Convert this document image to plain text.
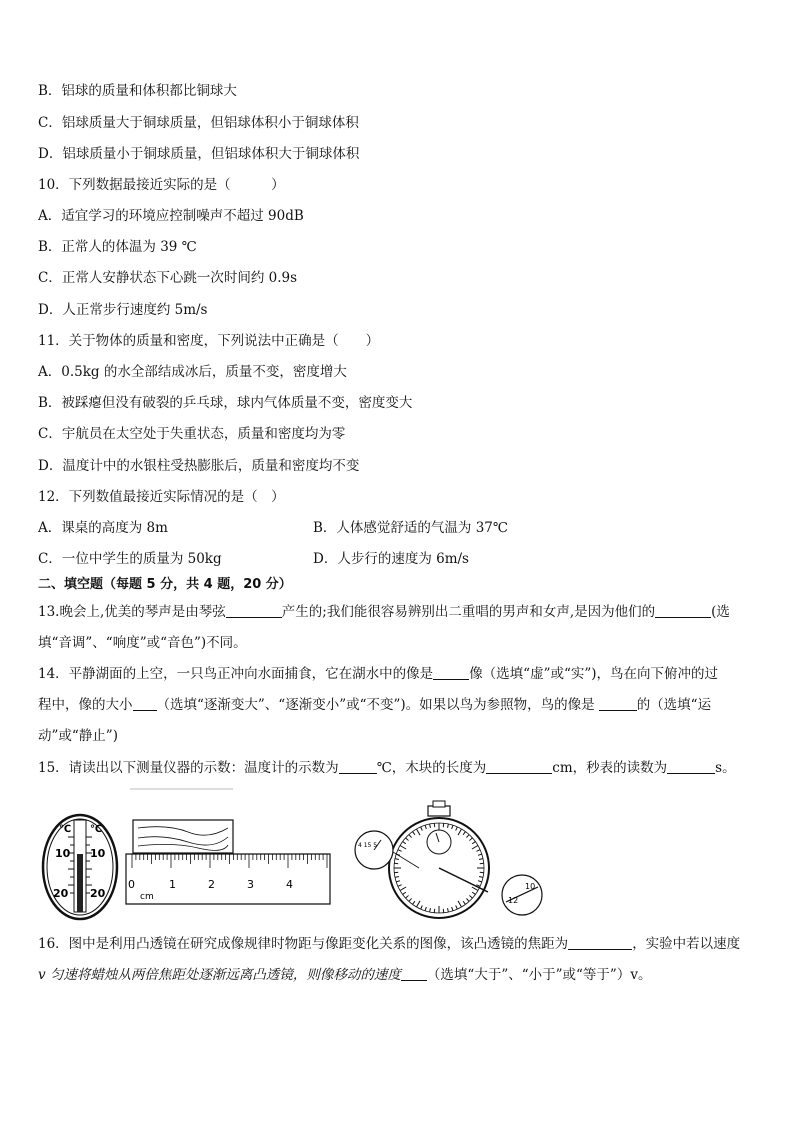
B．铝球的质量和体积都比铜球大
C．铝球质量大于铜球质量，但铝球体积小于铜球体积
D．铝球质量小于铜球质量，但铝球体积大于铜球体积
10．下列数据最接近实际的是（　　　）
A．适宜学习的环境应控制噪声不超过 90dB
B．正常人的体温为 39 ℃
C．正常人安静状态下心跳一次时间约 0.9s
D．人正常步行速度约 5m/s
11．关于物体的质量和密度，下列说法中正确是（　　）
A．0.5kg 的水全部结成冰后，质量不变，密度增大
B．被踩瘪但没有破裂的乒乓球，球内气体质量不变，密度变大
C．宇航员在太空处于失重状态，质量和密度均为零
D．温度计中的水银柱受热膨胀后，质量和密度均不变
12．下列数值最接近实际情况的是（　）
A．课桌的高度为 8m	B．人体感觉舒适的气温为 37℃
C．一位中学生的质量为 50kg	D．人步行的速度为 6m/s
二、填空题（每题 5 分，共 4 题，20 分）
13.晚会上,优美的琴声是由琴弦	产生的;我们能很容易辨别出二重唱的男声和女声,是因为他们的	(选
填“音调”、“响度”或“音色”)不同。
14．平静湖面的上空，一只鸟正冲向水面捕食，它在湖水中的像是	像（选填“虚”或“实”)，鸟在向下俯冲的过
程中，像的大小 （选填“逐渐变大”、“逐渐变小”或“不变”)。如果以鸟为参照物，鸟的像是	的（选填“运
动”或“静止”)
15．请读出以下测量仪器的示数：温度计的示数为	℃，木块的长度为	cm，秒表的读数为	s。
℃ ℃
10 10
20 20
0	1	2	3	4
cm
4 15 5
10
12
16．图中是利用凸透镜在研究成像规律时物距与像距变化关系的图像，该凸透镜的焦距为	，实验中若以速度
v 匀速将蜡烛从两倍焦距处逐渐远离凸透镜，则像移动的速度 （选填“大于”、“小于”或“等于”）v。
